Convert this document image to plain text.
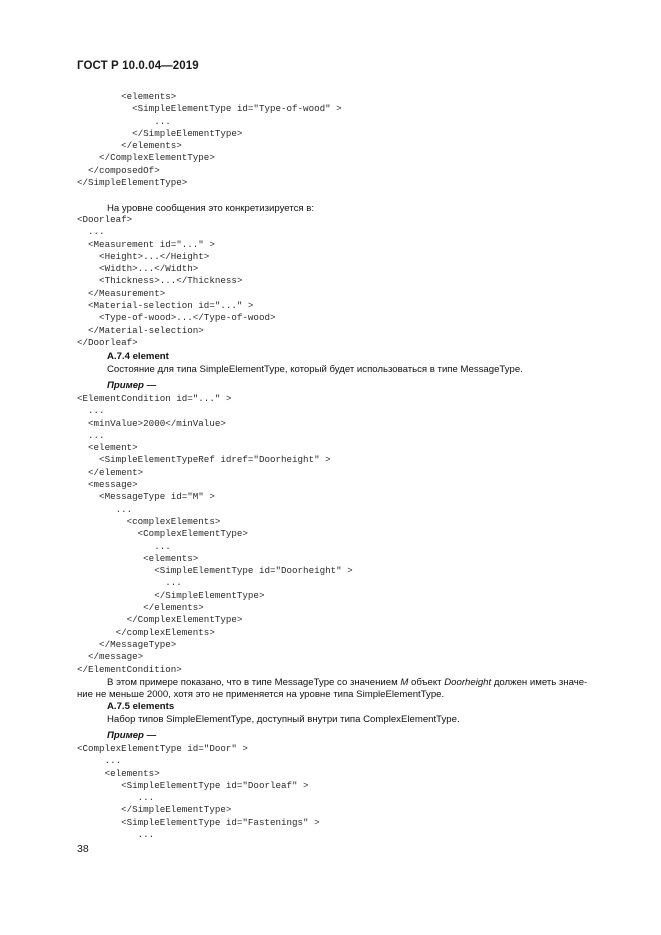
ГОСТ Р 10.0.04—2019
<elements>
<SimpleElementType id="Type-of-wood" >
...
</SimpleElementType>
</elements>
</ComplexElementType>
</composedOf>
</SimpleElementType>
На уровне сообщения это конкретизируется в:
<Doorleaf>
...
<Measurement id="..." >
<Height>...</Height>
<Width>...</Width>
<Thickness>...</Thickness>
</Measurement>
<Material-selection id="..." >
<Type-of-wood>...</Type-of-wood>
</Material-selection>
</Doorleaf>
A.7.4 element
Состояние для типа SimpleElementType, который будет использоваться в типе MessageType.
Пример —
<ElementCondition id="..." >
...
<minValue>2000</minValue>
...
<element>
<SimpleElementTypeRef idref="Doorheight" >
</element>
<message>
<MessageType id="M" >
...
<complexElements>
<ComplexElementType>
...
<elements>
<SimpleElementType id="Doorheight" >
...
</SimpleElementType>
</elements>
</ComplexElementType>
</complexElements>
</MessageType>
</message>
</ElementCondition>
В этом примере показано, что в типе MessageType со значением M объект Doorheight должен иметь значе-
ние не меньше 2000, хотя это не применяется на уровне типа SimpleElementType.
A.7.5 elements
Набор типов SimpleElementType, доступный внутри типа ComplexElementType.
Пример —
<ComplexElementType id="Door" >
...
<elements>
<SimpleElementType id="Doorleaf" >
...
</SimpleElementType>
<SimpleElementType id="Fastenings" >
...
38
